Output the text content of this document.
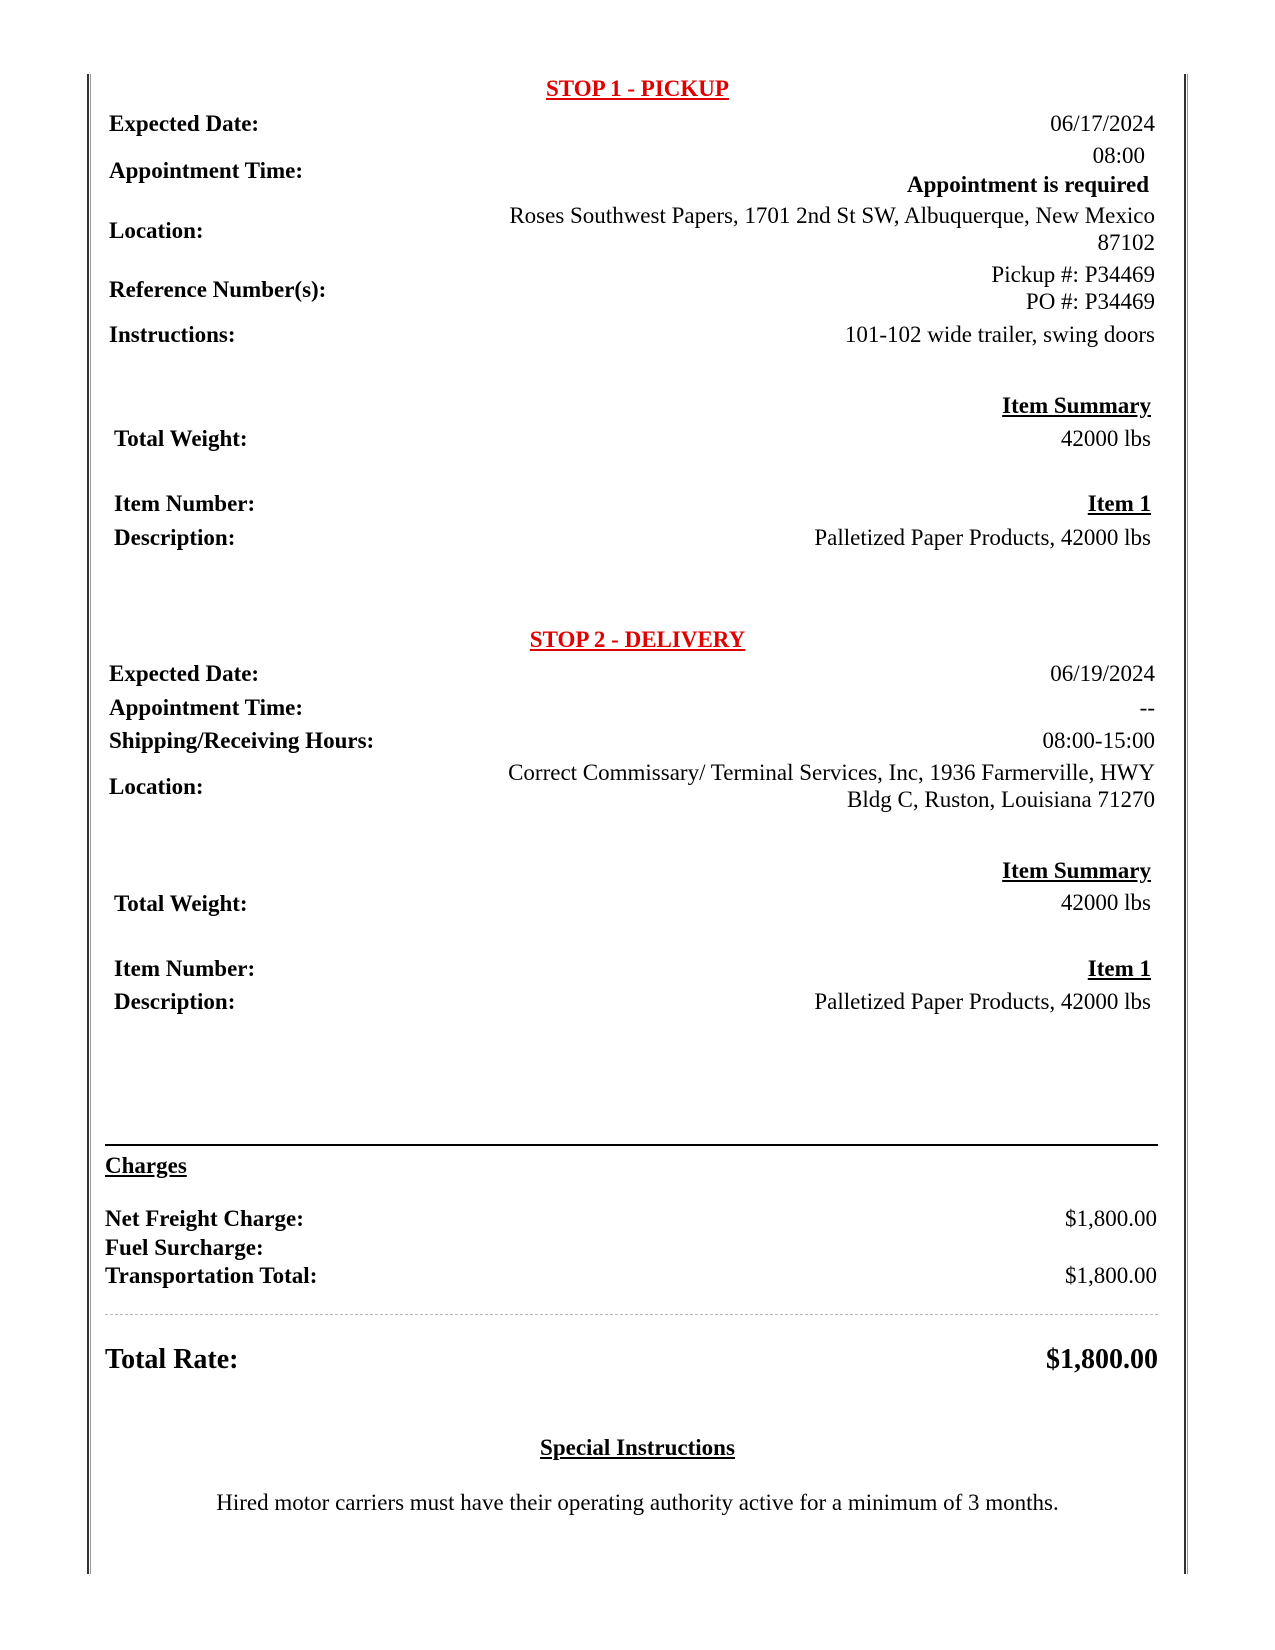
STOP 1 - PICKUP
Expected Date:	06/17/2024
Appointment Time:
08:00
Appointment is required
Location:
Roses Southwest Papers, 1701 2nd St SW, Albuquerque, New Mexico
87102
Reference Number(s):
Pickup #: P34469
PO #: P34469
Instructions:	101-102 wide trailer, swing doors
Item Summary
Total Weight:	42000 lbs
Item Number:	Item 1
Description:	Palletized Paper Products, 42000 lbs
STOP 2 - DELIVERY
Expected Date:	06/19/2024
Appointment Time:	--
Shipping/Receiving Hours:	08:00-15:00
Location:
Correct Commissary/ Terminal Services, Inc, 1936 Farmerville, HWY
Bldg C, Ruston, Louisiana 71270
Item Summary
Total Weight:	42000 lbs
Item Number:	Item 1
Description:	Palletized Paper Products, 42000 lbs
Charges
Net Freight Charge:	$1,800.00
Fuel Surcharge:
Transportation Total:	$1,800.00
Total Rate:	$1,800.00
Special Instructions
Hired motor carriers must have their operating authority active for a minimum of 3 months.
